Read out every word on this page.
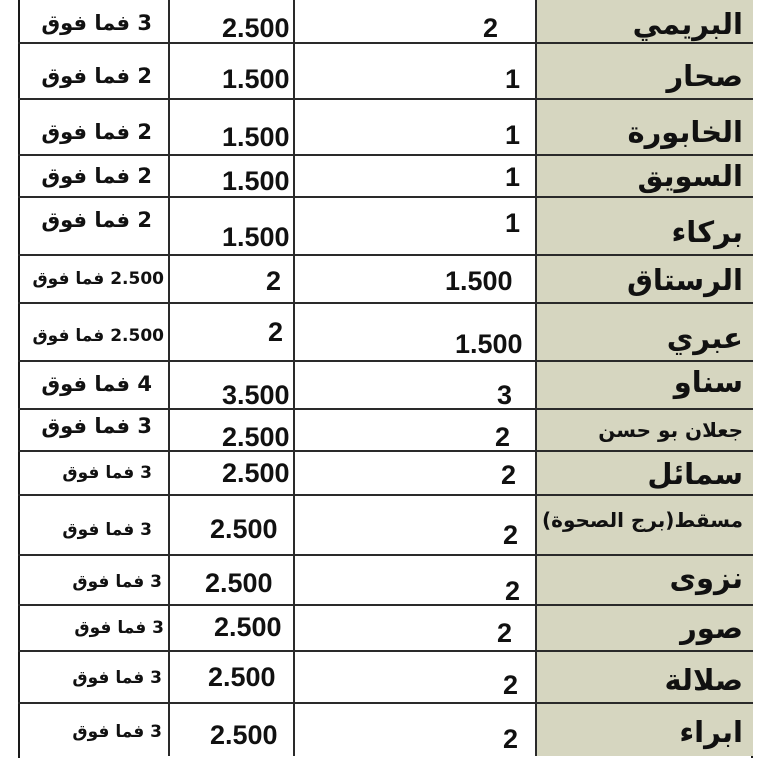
البريمي
2
2.500
3 فما فوق
صحار
1
1.500
2 فما فوق
الخابورة
1
1.500
2 فما فوق
السويق
1
1.500
2 فما فوق
بركاء
1
1.500
2 فما فوق
الرستاق
1.500
2
2.500 فما فوق
عبري
1.500
2
2.500 فما فوق
سناو
3
3.500
4 فما فوق
جعلان بو حسن
2
2.500
3 فما فوق
سمائل
2
2.500
3 فما فوق
مسقط(برج الصحوة)
2
2.500
3 فما فوق
نزوى
2
2.500
3 فما فوق
صور
2
2.500
3 فما فوق
صلالة
2
2.500
3 فما فوق
ابراء
2
2.500
3 فما فوق
